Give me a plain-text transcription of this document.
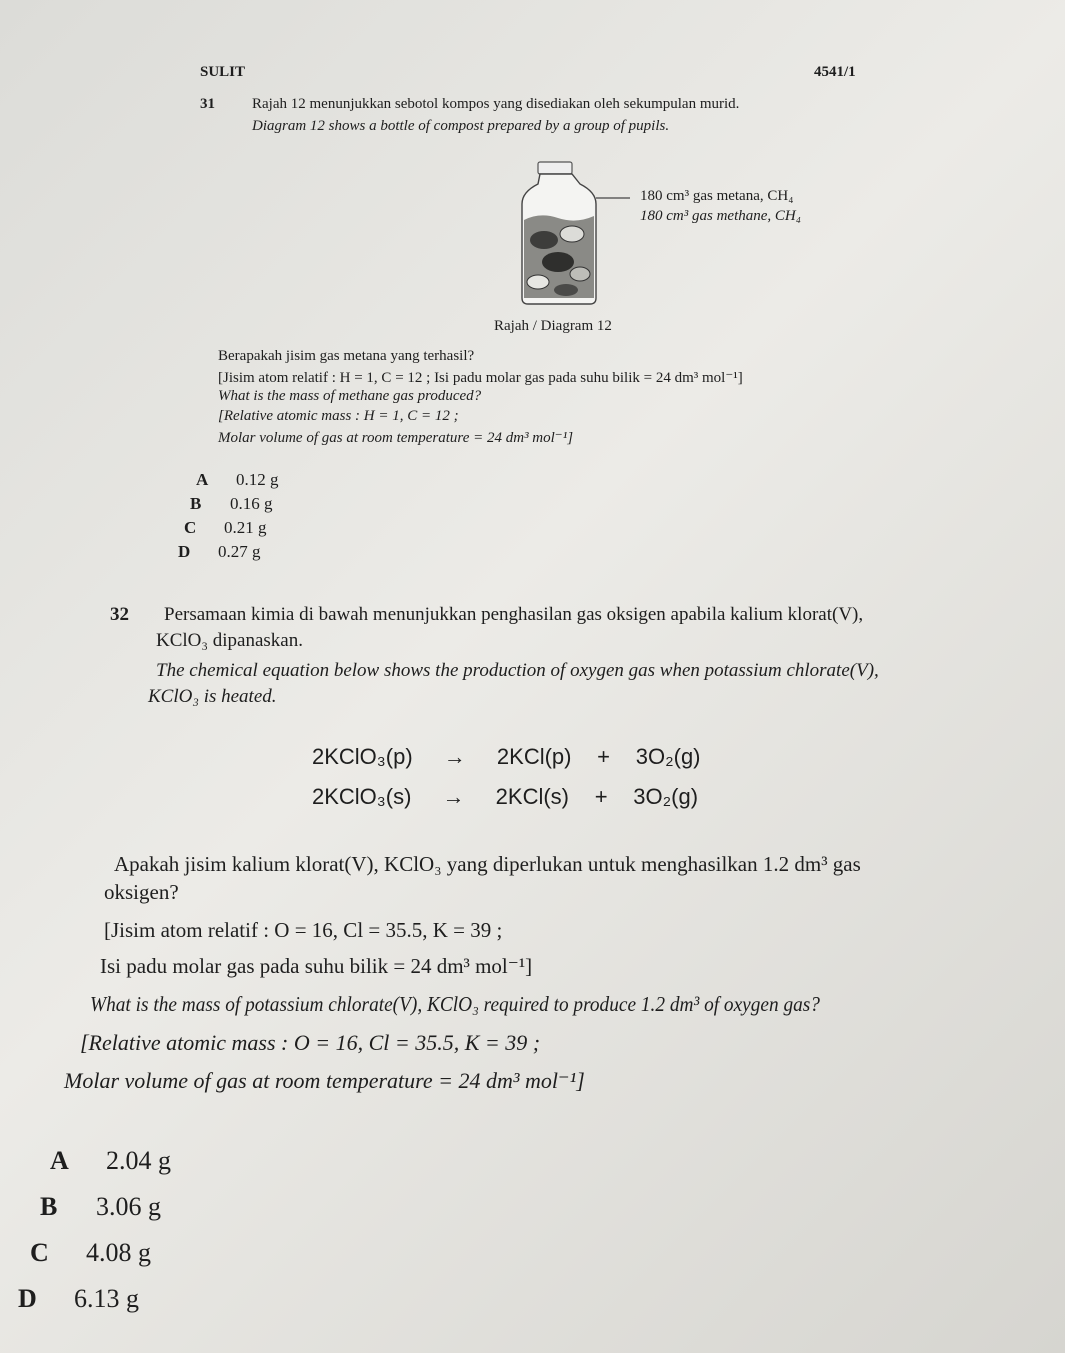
SULIT	4541/1
31 Rajah 12 menunjukkan sebotol kompos yang disediakan oleh sekumpulan murid.
Diagram 12 shows a bottle of compost prepared by a group of pupils.
180 cm³ gas metana, CH₄
180 cm³ gas methane, CH₄
Rajah / Diagram 12
Berapakah jisim gas metana yang terhasil?
[Jisim atom relatif : H = 1, C = 12 ; Isi padu molar gas pada suhu bilik = 24 dm³ mol⁻¹]
What is the mass of methane gas produced?
[Relative atomic mass : H = 1, C = 12 ;
Molar volume of gas at room temperature = 24 dm³ mol⁻¹]
A 0.12 g
B 0.16 g
C 0.21 g
D 0.27 g
32 Persamaan kimia di bawah menunjukkan penghasilan gas oksigen apabila kalium klorat(V),
KClO₃ dipanaskan.
The chemical equation below shows the production of oxygen gas when potassium chlorate(V),
KClO₃ is heated.
2KClO₃(p) → 2KCl(p) + 3O₂(g)
2KClO₃(s) → 2KCl(s) + 3O₂(g)
Apakah jisim kalium klorat(V), KClO₃ yang diperlukan untuk menghasilkan 1.2 dm³ gas
oksigen?
[Jisim atom relatif : O = 16, Cl = 35.5, K = 39 ;
Isi padu molar gas pada suhu bilik = 24 dm³ mol⁻¹]
What is the mass of potassium chlorate(V), KClO₃ required to produce 1.2 dm³ of oxygen gas?
[Relative atomic mass : O = 16, Cl = 35.5, K = 39 ;
Molar volume of gas at room temperature = 24 dm³ mol⁻¹]
A 2.04 g
B 3.06 g
C 4.08 g
D 6.13 g
